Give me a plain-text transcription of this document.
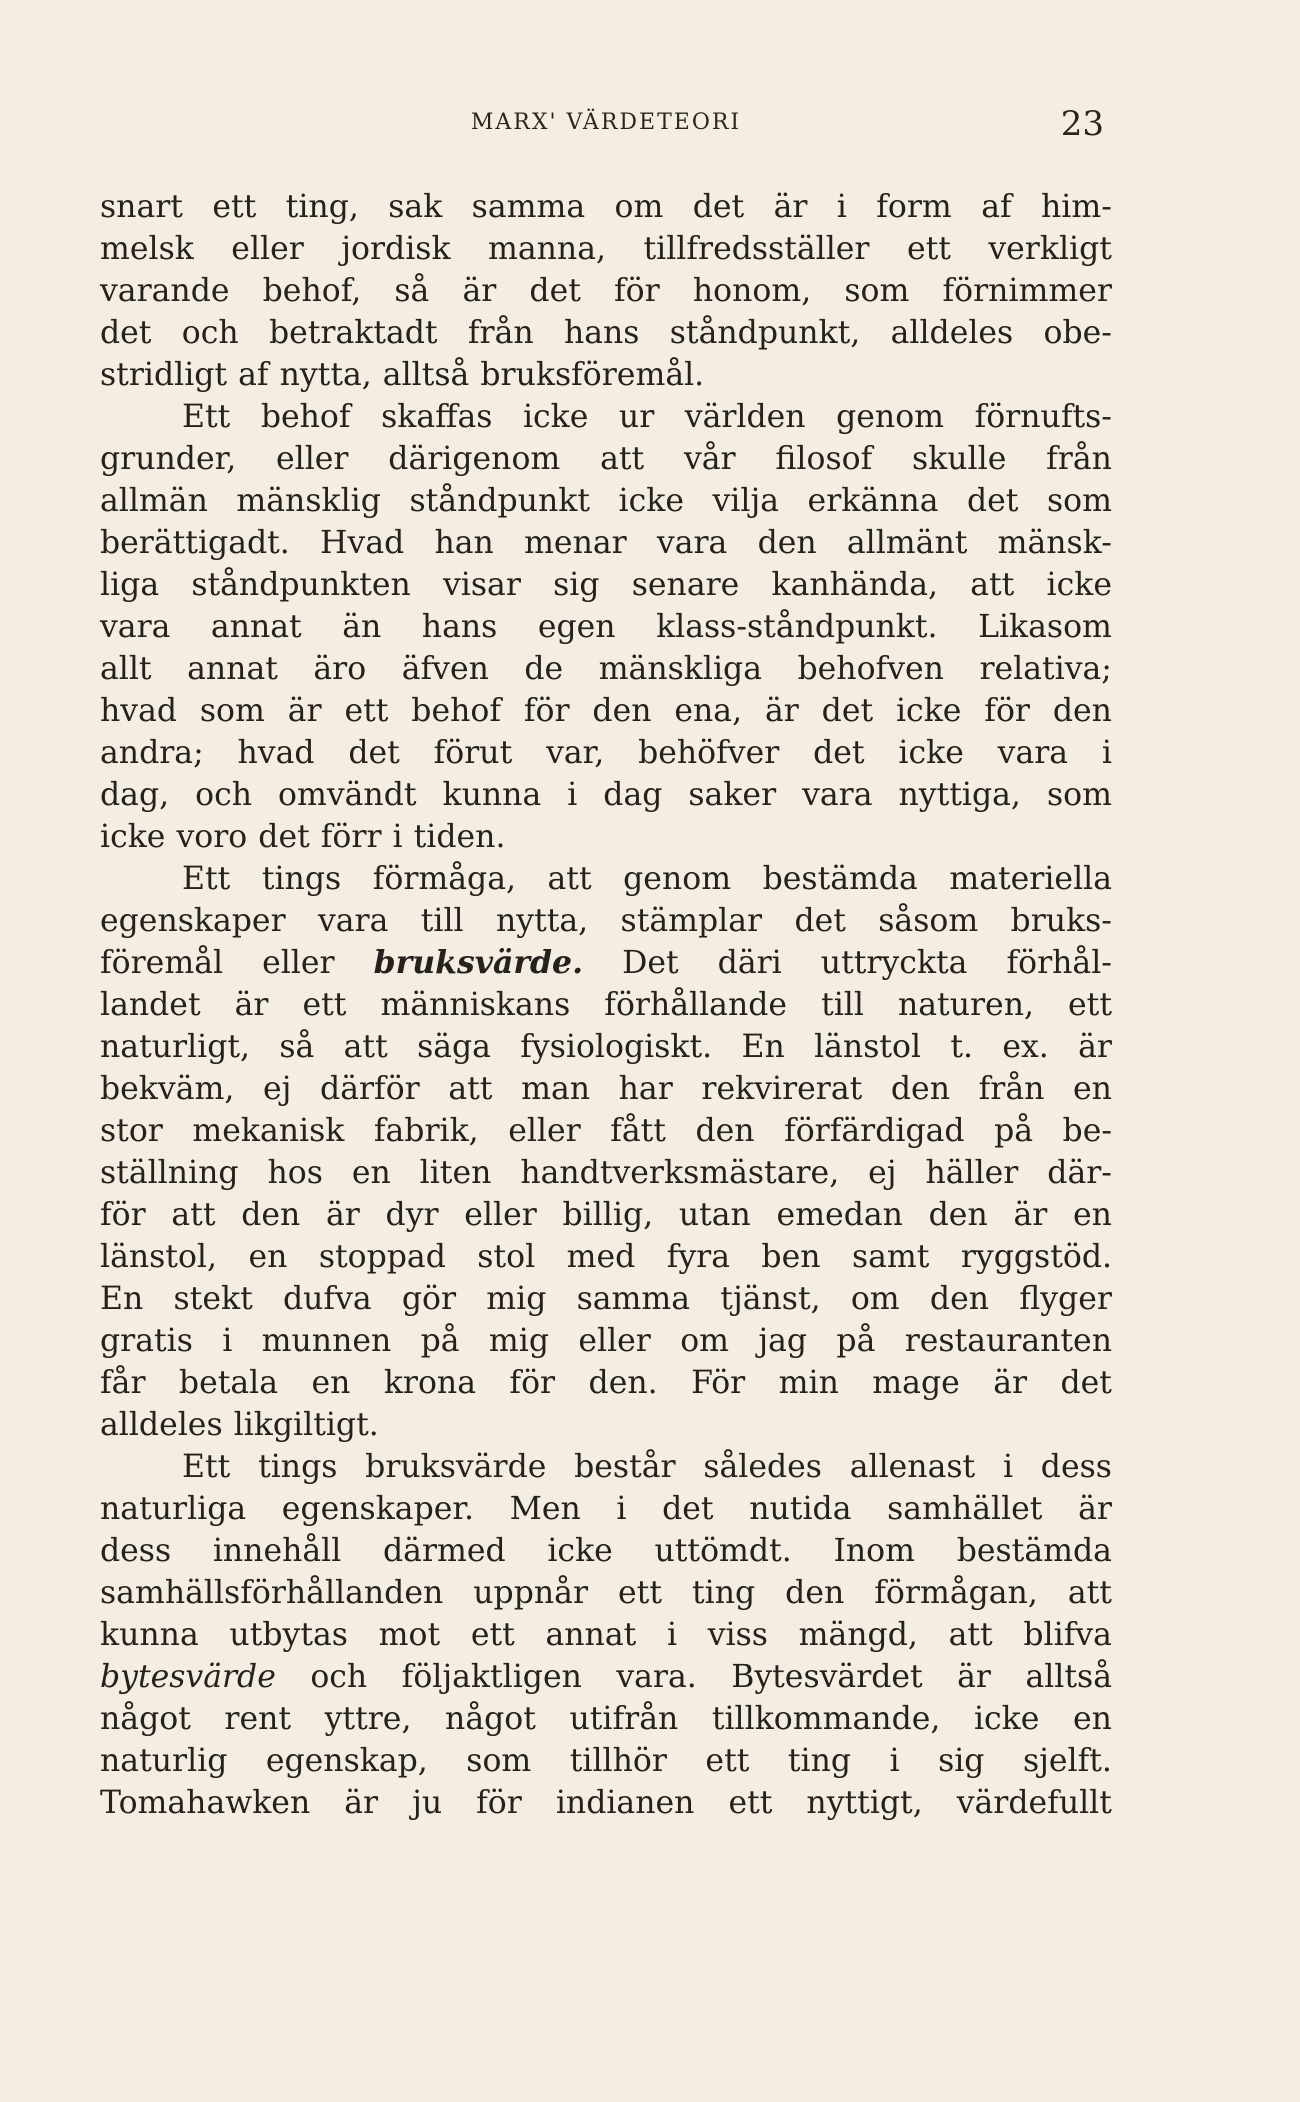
MARX' VÄRDETEORI	23
snart ett ting, sak samma om det är i form af him-
melsk eller jordisk manna, tillfredsställer ett verkligt
varande behof, så är det för honom, som förnimmer
det och betraktadt från hans ståndpunkt, alldeles obe-
stridligt af nytta, alltså bruksföremål.
Ett behof skaffas icke ur världen genom förnufts-
grunder, eller därigenom att vår filosof skulle från
allmän mänsklig ståndpunkt icke vilja erkänna det som
berättigadt. Hvad han menar vara den allmänt mänsk-
liga ståndpunkten visar sig senare kanhända, att icke
vara annat än hans egen klass-ståndpunkt. Likasom
allt annat äro äfven de mänskliga behofven relativa;
hvad som är ett behof för den ena, är det icke för den
andra; hvad det förut var, behöfver det icke vara i
dag, och omvändt kunna i dag saker vara nyttiga, som
icke voro det förr i tiden.
Ett tings förmåga, att genom bestämda materiella
egenskaper vara till nytta, stämplar det såsom bruks-
föremål eller bruksvärde. Det däri uttryckta förhål-
landet är ett människans förhållande till naturen, ett
naturligt, så att säga fysiologiskt. En länstol t. ex. är
bekväm, ej därför att man har rekvirerat den från en
stor mekanisk fabrik, eller fått den förfärdigad på be-
ställning hos en liten handtverksmästare, ej häller där-
för att den är dyr eller billig, utan emedan den är en
länstol, en stoppad stol med fyra ben samt ryggstöd.
En stekt dufva gör mig samma tjänst, om den flyger
gratis i munnen på mig eller om jag på restauranten
får betala en krona för den. För min mage är det
alldeles likgiltigt.
Ett tings bruksvärde består således allenast i dess
naturliga egenskaper. Men i det nutida samhället är
dess innehåll därmed icke uttömdt. Inom bestämda
samhällsförhållanden uppnår ett ting den förmågan, att
kunna utbytas mot ett annat i viss mängd, att blifva
bytesvärde och följaktligen vara. Bytesvärdet är alltså
något rent yttre, något utifrån tillkommande, icke en
naturlig egenskap, som tillhör ett ting i sig sjelft.
Tomahawken är ju för indianen ett nyttigt, värdefullt
